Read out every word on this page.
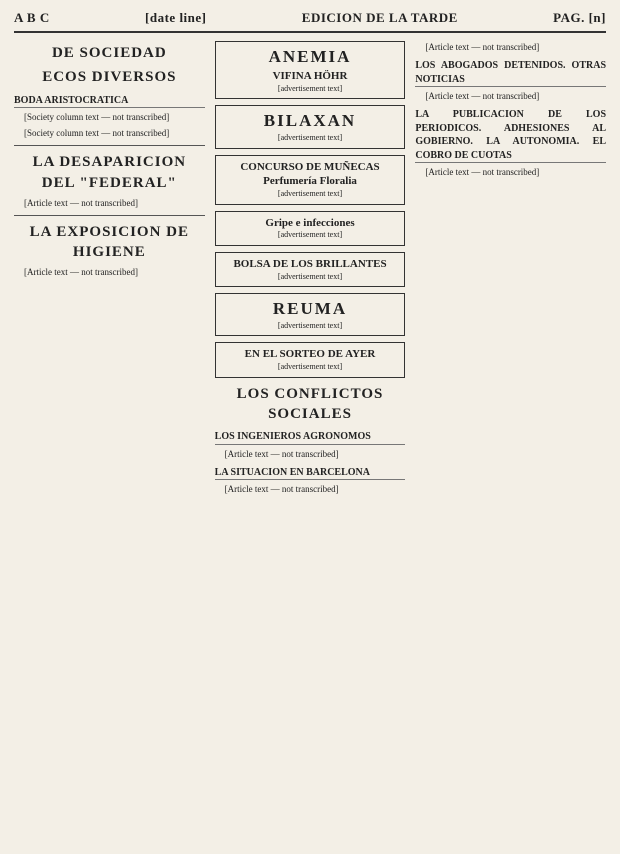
A B C	[date line]	EDICION DE LA TARDE	PAG. [n]
DE SOCIEDAD
ECOS DIVERSOS
BODA ARISTOCRATICA

[Society column text — not transcribed]

[Society column text — not transcribed]

LA DESAPARICION DEL "FEDERAL"

[Article text — not transcribed]

LA EXPOSICION DE HIGIENE

[Article text — not transcribed]

ANEMIA
VIFINA HÖHR
[advertisement text]
BILAXAN
[advertisement text]
CONCURSO DE MUÑECAS
Perfumería Floralia
[advertisement text]
Gripe e infecciones
[advertisement text]
BOLSA DE LOS BRILLANTES
[advertisement text]
REUMA
[advertisement text]
EN EL SORTEO DE AYER
[advertisement text]
LOS CONFLICTOS SOCIALES
LOS INGENIEROS AGRONOMOS

[Article text — not transcribed]

LA SITUACION EN BARCELONA

[Article text — not transcribed]

[Article text — not transcribed]

LOS ABOGADOS DETENIDOS. OTRAS NOTICIAS

[Article text — not transcribed]

LA PUBLICACION DE LOS PERIODICOS. ADHESIONES AL GOBIERNO. LA AUTONOMIA. EL COBRO DE CUOTAS

[Article text — not transcribed]
